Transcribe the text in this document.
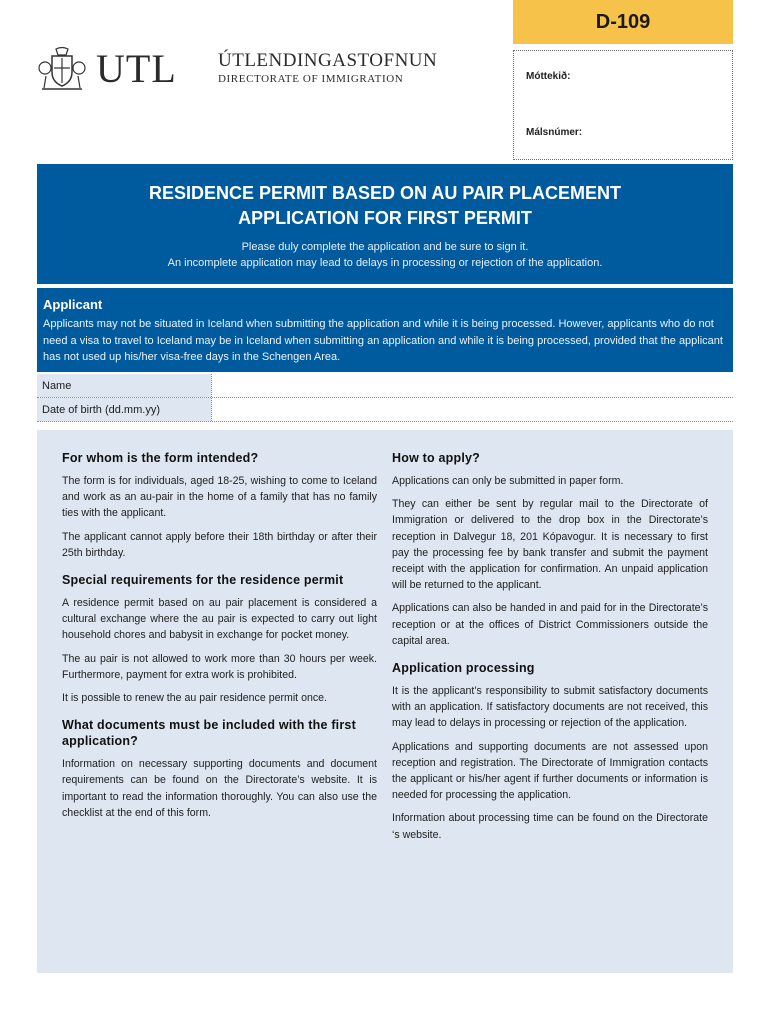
D-109
Móttekið:
Málsnúmer:
UTL ÚTLENDINGASTOFNUN
DIRECTORATE OF IMMIGRATION
RESIDENCE PERMIT BASED ON AU PAIR PLACEMENT
APPLICATION FOR FIRST PERMIT
Please duly complete the application and be sure to sign it.
An incomplete application may lead to delays in processing or rejection of the application.
Applicant

Applicants may not be situated in Iceland when submitting the application and while it is being processed. However, applicants who do not need a visa to travel to Iceland may be in Iceland when submitting an application and while it is being processed, provided that the applicant has not used up his/her visa-free days in the Schengen Area.

Name
Date of birth (dd.mm.yy)
For whom is the form intended?

The form is for individuals, aged 18-25, wishing to come to Iceland and work as an au-pair in the home of a family that has no family ties with the applicant.

The applicant cannot apply before their 18th birthday or after their 25th birthday.

Special requirements for the residence permit

A residence permit based on au pair placement is considered a cultural exchange where the au pair is expected to carry out light household chores and babysit in exchange for pocket money.

The au pair is not allowed to work more than 30 hours per week. Furthermore, payment for extra work is prohibited.

It is possible to renew the au pair residence permit once.

What documents must be included with the first application?

Information on necessary supporting documents and document requirements can be found on the Directorate’s website. It is important to read the information thoroughly. You can also use the checklist at the end of this form.

How to apply?

Applications can only be submitted in paper form.

They can either be sent by regular mail to the Directorate of Immigration or delivered to the drop box in the Directorate’s reception in Dalvegur 18, 201 Kópavogur. It is necessary to first pay the processing fee by bank transfer and submit the payment receipt with the application for confirmation. An unpaid application will be returned to the applicant.

Applications can also be handed in and paid for in the Directorate’s reception or at the offices of District Commissioners outside the capital area.

Application processing

It is the applicant’s responsibility to submit satisfactory documents with an application. If satisfactory documents are not received, this may lead to delays in processing or rejection of the application.

Applications and supporting documents are not assessed upon reception and registration. The Directorate of Immigration contacts the applicant or his/her agent if further documents or information is needed for processing the application.

Information about processing time can be found on the Directorate ‘s website.
